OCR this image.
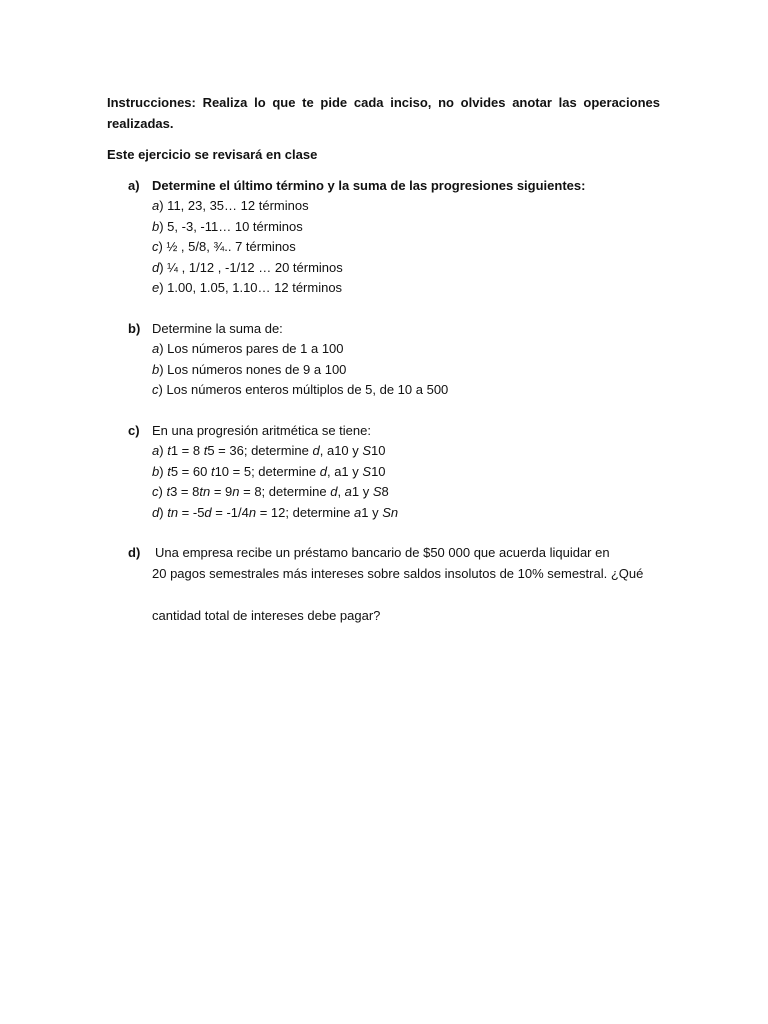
Instrucciones: Realiza lo que te pide cada inciso, no olvides anotar las operaciones realizadas.

Este ejercicio se revisará en clase

a) Determine el último término y la suma de las progresiones siguientes:

a) 11, 23, 35… 12 términos

b) 5, -3, -11… 10 términos

c) ½ , 5/8, ¾.. 7 términos

d) ¼ , 1/12 , -1/12 … 20 términos

e) 1.00, 1.05, 1.10… 12 términos

b) Determine la suma de:

a) Los números pares de 1 a 100

b) Los números nones de 9 a 100

c) Los números enteros múltiplos de 5, de 10 a 500

c) En una progresión aritmética se tiene:

a) t1 = 8 t5 = 36; determine d, a10 y S10

b) t5 = 60 t10 = 5; determine d, a1 y S10

c) t3 = 8tn = 9n = 8; determine d, a1 y S8

d) tn = -5d = -1/4n = 12; determine a1 y Sn

d) Una empresa recibe un préstamo bancario de $50 000 que acuerda liquidar en

20 pagos semestrales más intereses sobre saldos insolutos de 10% semestral. ¿Qué

cantidad total de intereses debe pagar?
